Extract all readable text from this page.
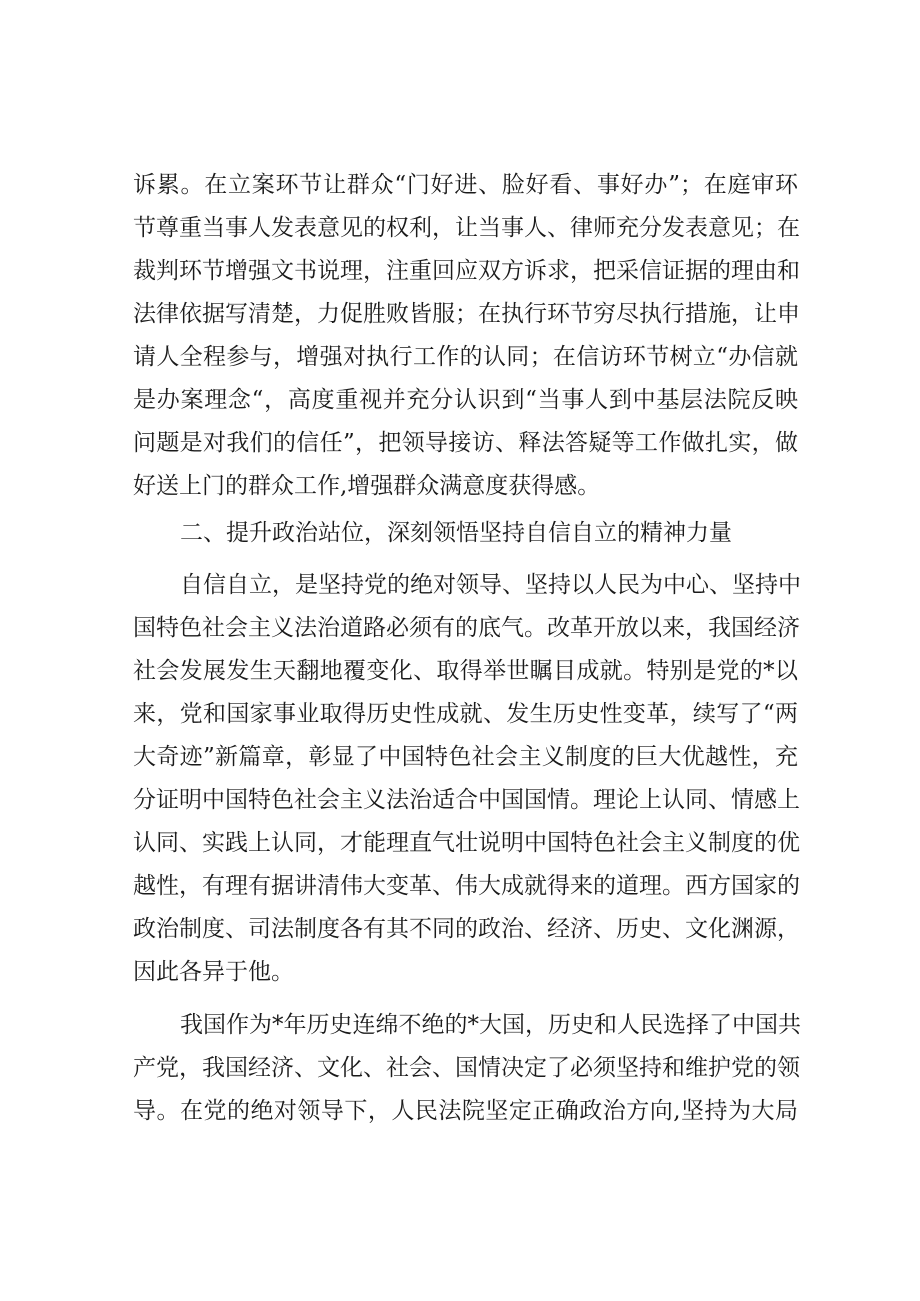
诉累。在立案环节让群众“门好进、脸好看、事好办”；在庭审环
节尊重当事人发表意见的权利，让当事人、律师充分发表意见；在
裁判环节增强文书说理，注重回应双方诉求，把采信证据的理由和
法律依据写清楚，力促胜败皆服；在执行环节穷尽执行措施，让申
请人全程参与，增强对执行工作的认同；在信访环节树立“办信就
是办案理念“，高度重视并充分认识到“当事人到中基层法院反映
问题是对我们的信任”，把领导接访、释法答疑等工作做扎实，做
好送上门的群众工作,增强群众满意度获得感。
二、提升政治站位，深刻领悟坚持自信自立的精神力量
自信自立，是坚持党的绝对领导、坚持以人民为中心、坚持中
国特色社会主义法治道路必须有的底气。改革开放以来，我国经济
社会发展发生天翻地覆变化、取得举世瞩目成就。特别是党的*以
来，党和国家事业取得历史性成就、发生历史性变革，续写了“两
大奇迹”新篇章，彰显了中国特色社会主义制度的巨大优越性，充
分证明中国特色社会主义法治适合中国国情。理论上认同、情感上
认同、实践上认同，才能理直气壮说明中国特色社会主义制度的优
越性，有理有据讲清伟大变革、伟大成就得来的道理。西方国家的
政治制度、司法制度各有其不同的政治、经济、历史、文化渊源，
因此各异于他。
我国作为*年历史连绵不绝的*大国，历史和人民选择了中国共
产党，我国经济、文化、社会、国情决定了必须坚持和维护党的领
导。在党的绝对领导下，人民法院坚定正确政治方向,坚持为大局
